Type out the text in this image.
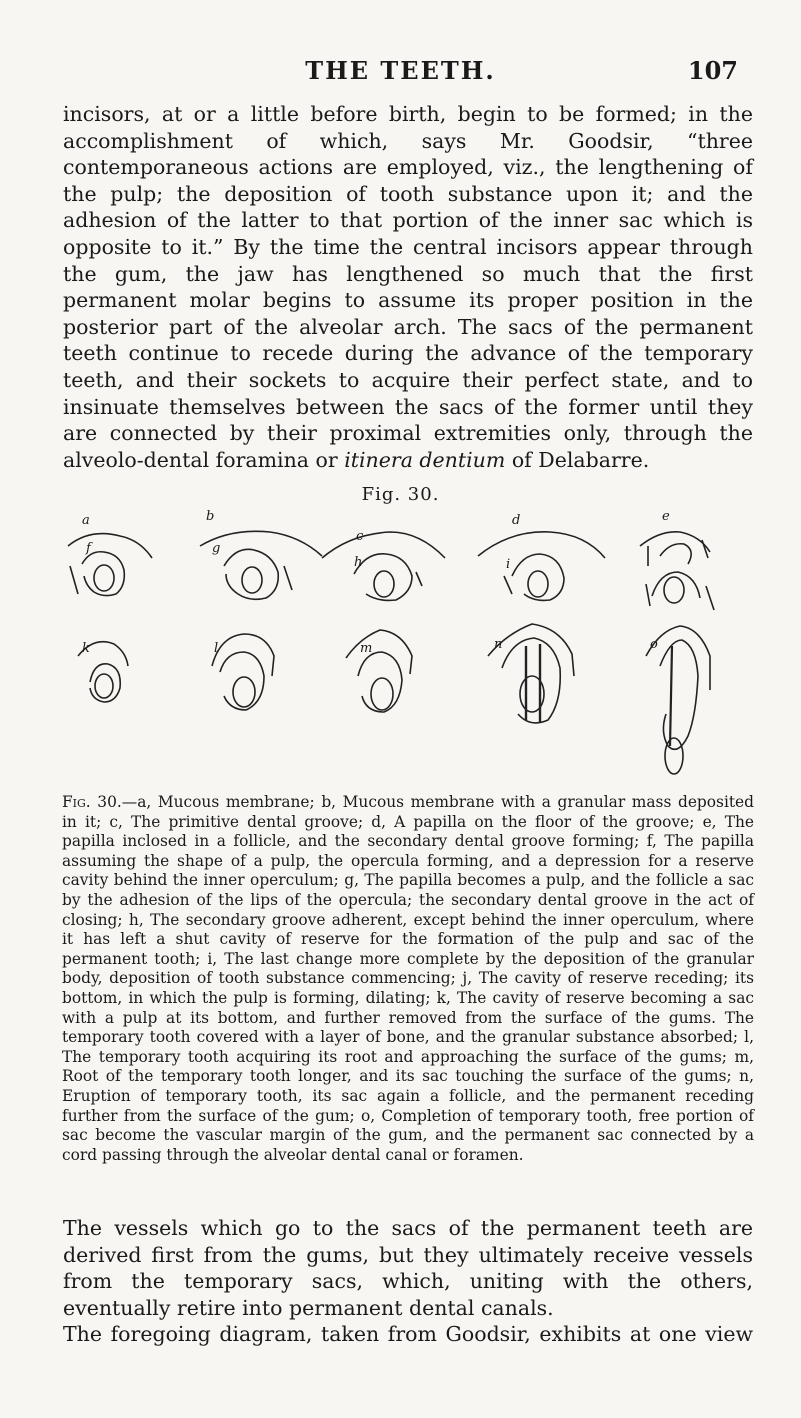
THE TEETH.	107

incisors, at or a little before birth, begin to be formed; in the accomplishment of which, says Mr. Goodsir, “three contemporaneous actions are employed, viz., the lengthening of the pulp; the deposition of tooth substance upon it; and the adhesion of the latter to that portion of the inner sac which is opposite to it.” By the time the central incisors appear through the gum, the jaw has lengthened so much that the first permanent molar begins to assume its proper position in the posterior part of the alveolar arch. The sacs of the permanent teeth continue to recede during the advance of the temporary teeth, and their sockets to acquire their perfect state, and to insinuate themselves between the sacs of the former until they are connected by their proximal extremities only, through the alveolo-dental foramina or itinera dentium of Delabarre.

Fig. 30.
a	b
c
d	e
f	g
h	i
k	l	m	n	o

Fig. 30.—a, Mucous membrane; b, Mucous membrane with a granular mass deposited in it; c, The primitive dental groove; d, A papilla on the floor of the groove; e, The papilla inclosed in a follicle, and the secondary dental groove forming; f, The papilla assuming the shape of a pulp, the opercula forming, and a depression for a reserve cavity behind the inner operculum; g, The papilla becomes a pulp, and the follicle a sac by the adhesion of the lips of the opercula; the secondary dental groove in the act of closing; h, The secondary groove adherent, except behind the inner operculum, where it has left a shut cavity of reserve for the formation of the pulp and sac of the permanent tooth; i, The last change more complete by the deposition of the granular body, deposition of tooth substance commencing; j, The cavity of reserve receding; its bottom, in which the pulp is forming, dilating; k, The cavity of reserve becoming a sac with a pulp at its bottom, and further removed from the surface of the gums. The temporary tooth covered with a layer of bone, and the granular substance absorbed; l, The temporary tooth acquiring its root and approaching the surface of the gums; m, Root of the temporary tooth longer, and its sac touching the surface of the gums; n, Eruption of temporary tooth, its sac again a follicle, and the permanent receding further from the surface of the gum; o, Completion of temporary tooth, free portion of sac become the vascular margin of the gum, and the permanent sac connected by a cord passing through the alveolar dental canal or foramen.

The vessels which go to the sacs of the permanent teeth are derived first from the gums, but they ultimately receive vessels from the temporary sacs, which, uniting with the others, eventually retire into permanent dental canals.
The foregoing diagram, taken from Goodsir, exhibits at one view
